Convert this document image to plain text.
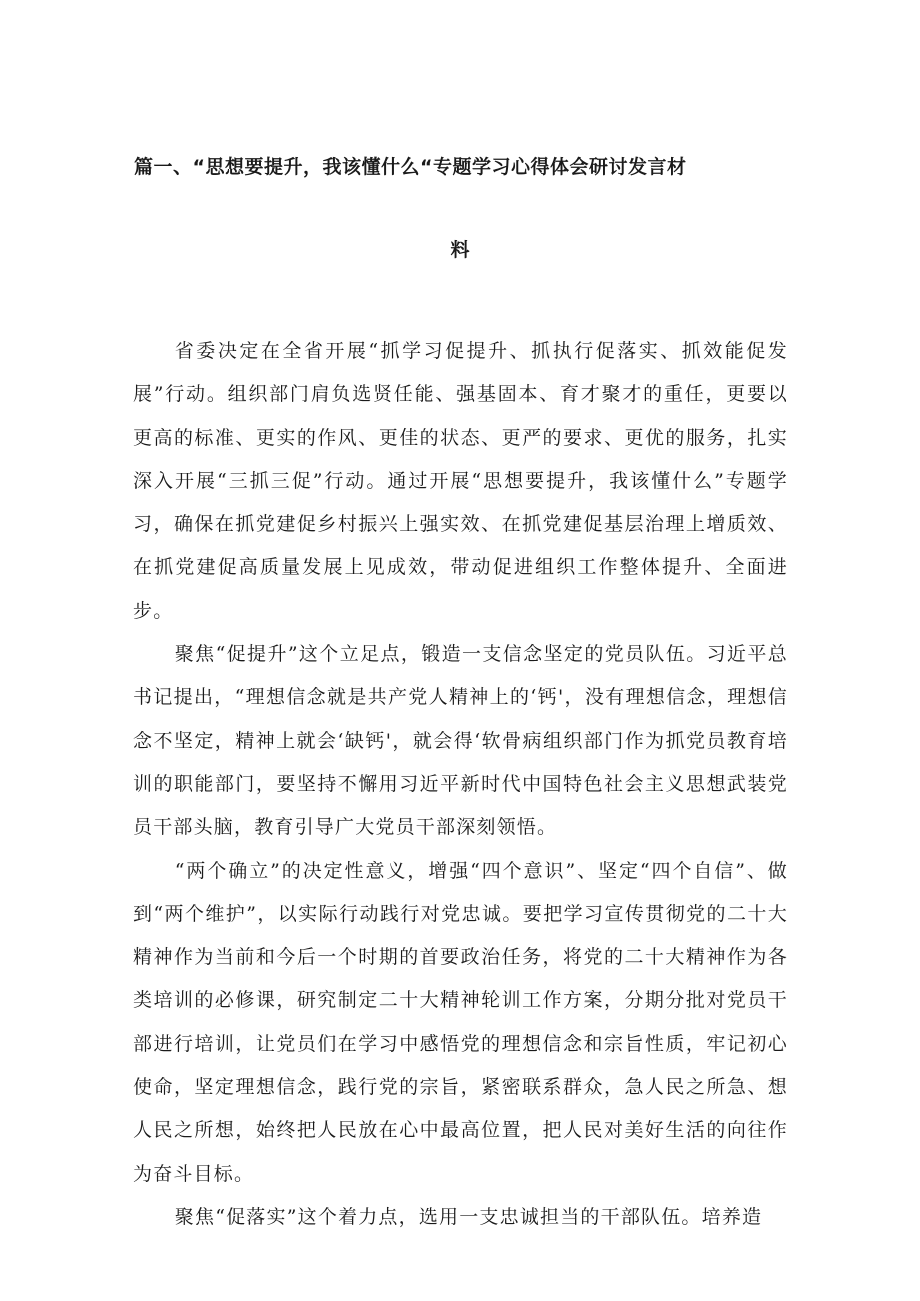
篇一、“思想要提升，我该懂什么“专题学习心得体会研讨发言材
料

省委决定在全省开展“抓学习促提升、抓执行促落实、抓效能促发展”行动。组织部门肩负选贤任能、强基固本、育才聚才的重任，更要以更高的标准、更实的作风、更佳的状态、更严的要求、更优的服务，扎实深入开展“三抓三促”行动。通过开展“思想要提升，我该懂什么”专题学习，确保在抓党建促乡村振兴上强实效、在抓党建促基层治理上增质效、在抓党建促高质量发展上见成效，带动促进组织工作整体提升、全面进步。

聚焦“促提升”这个立足点，锻造一支信念坚定的党员队伍。习近平总书记提出，“理想信念就是共产党人精神上的‘钙'，没有理想信念，理想信念不坚定，精神上就会‘缺钙'，就会得‘软骨病组织部门作为抓党员教育培训的职能部门，要坚持不懈用习近平新时代中国特色社会主义思想武装党员干部头脑，教育引导广大党员干部深刻领悟。

“两个确立”的决定性意义，增强“四个意识”、坚定“四个自信”、做到“两个维护”，以实际行动践行对党忠诚。要把学习宣传贯彻党的二十大精神作为当前和今后一个时期的首要政治任务，将党的二十大精神作为各类培训的必修课，研究制定二十大精神轮训工作方案，分期分批对党员干部进行培训，让党员们在学习中感悟党的理想信念和宗旨性质，牢记初心使命，坚定理想信念，践行党的宗旨，紧密联系群众，急人民之所急、想人民之所想，始终把人民放在心中最高位置，把人民对美好生活的向往作为奋斗目标。

聚焦“促落实”这个着力点，选用一支忠诚担当的干部队伍。培养造
